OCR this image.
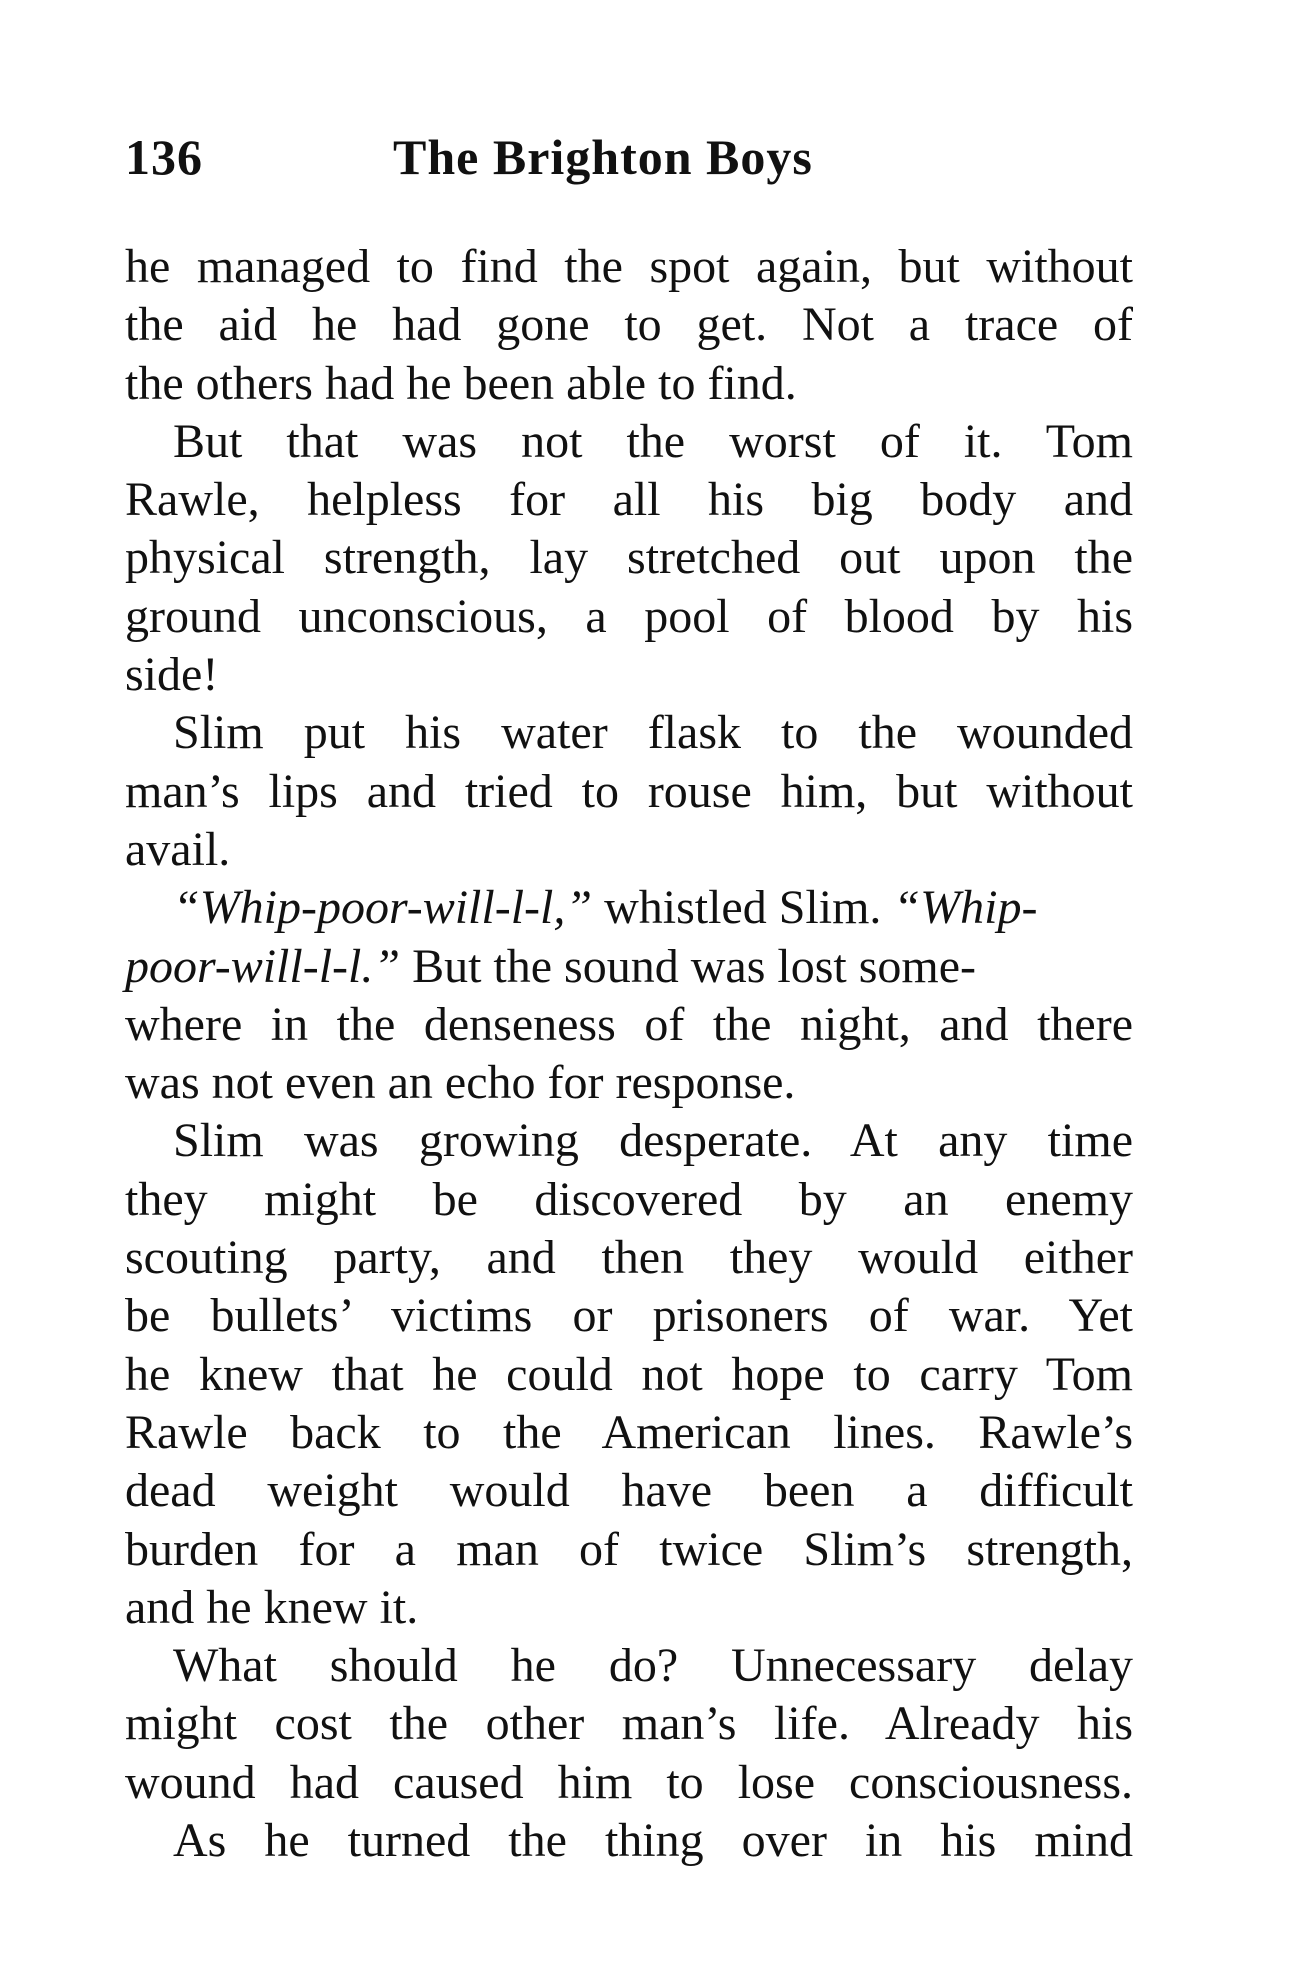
136	The Brighton Boys
he managed to find the spot again, but without
the aid he had gone to get. Not a trace of
the others had he been able to find.
But that was not the worst of it. Tom
Rawle, helpless for all his big body and
physical strength, lay stretched out upon the
ground unconscious, a pool of blood by his
side!
Slim put his water flask to the wounded
man’s lips and tried to rouse him, but without
avail.
“Whip-poor-will-l-l,” whistled Slim. “Whip-
poor-will-l-l.” But the sound was lost some-
where in the denseness of the night, and there
was not even an echo for response.
Slim was growing desperate. At any time
they might be discovered by an enemy
scouting party, and then they would either
be bullets’ victims or prisoners of war. Yet
he knew that he could not hope to carry Tom
Rawle back to the American lines. Rawle’s
dead weight would have been a difficult
burden for a man of twice Slim’s strength,
and he knew it.
What should he do? Unnecessary delay
might cost the other man’s life. Already his
wound had caused him to lose consciousness.
As he turned the thing over in his mind
